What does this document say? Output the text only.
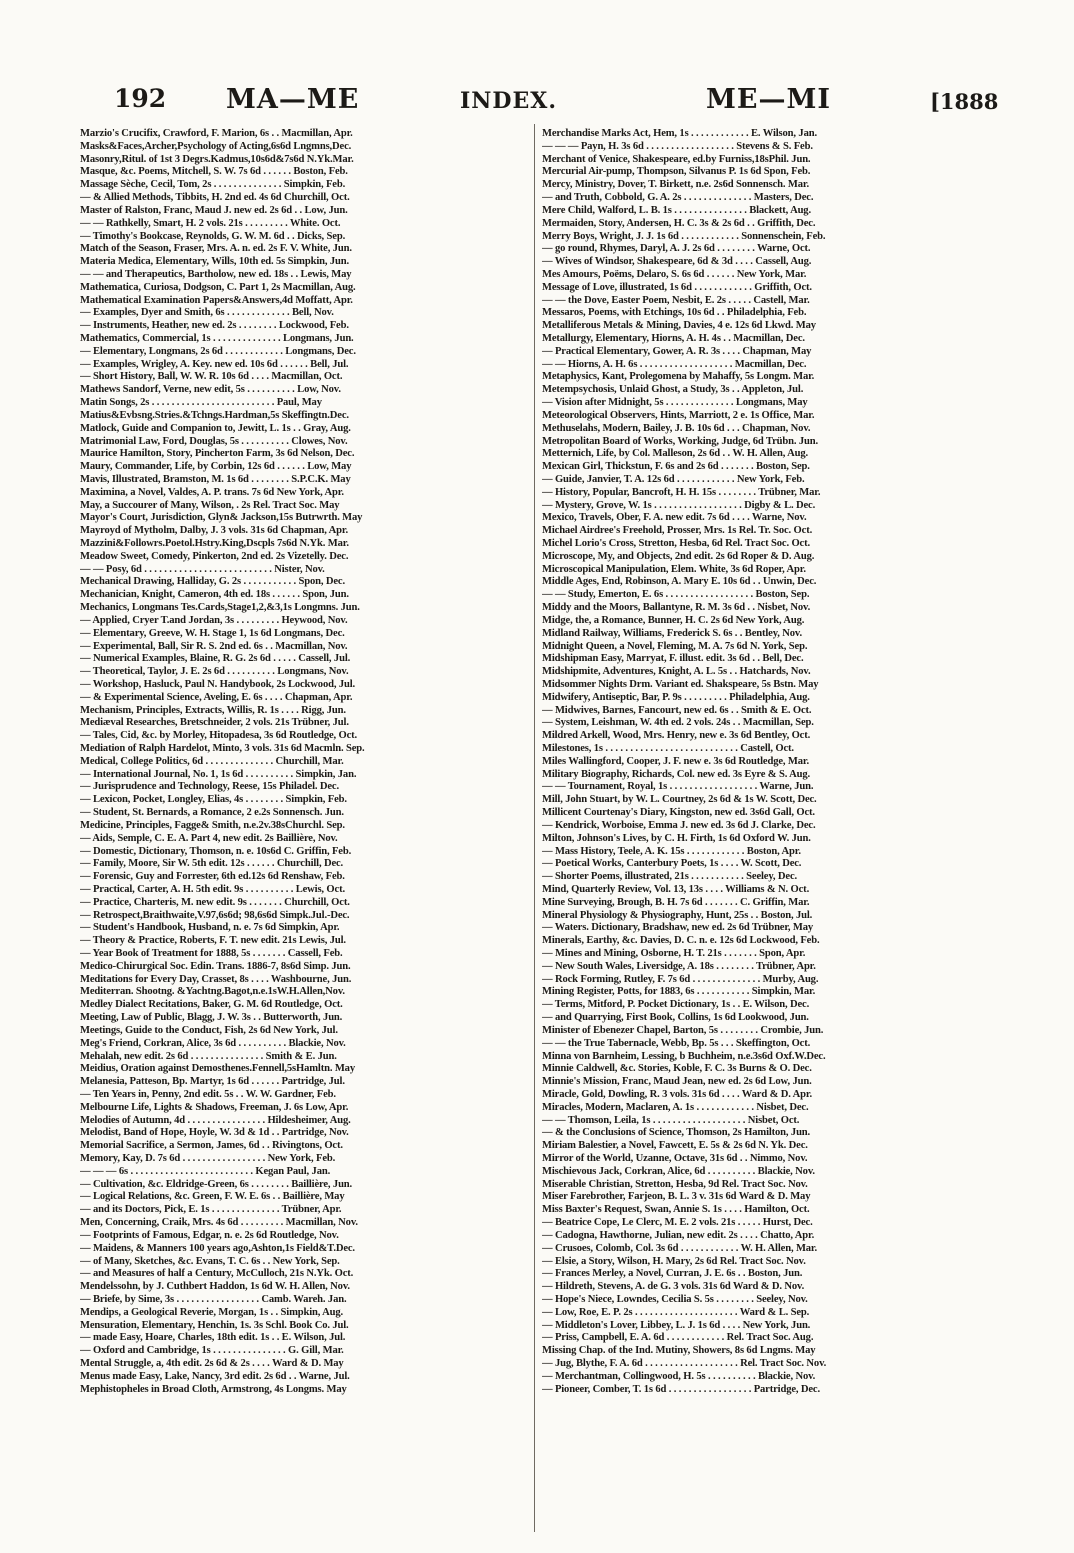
192 MA—ME	INDEX.	ME—MI	[1888
Marzio's Crucifix, Crawford, F. Marion, 6s . . Macmillan, Apr.
Masks&Faces,Archer,Psychology of Acting,6s6d Lngmns,Dec.
Masonry,Ritul. of 1st 3 Degrs.Kadmus,10s6d&7s6d N.Yk.Mar.
Masque, &c. Poems, Mitchell, S. W. 7s 6d . . . . . . Boston, Feb.
Massage Sèche, Cecil, Tom, 2s . . . . . . . . . . . . . . Simpkin, Feb.
— & Allied Methods, Tibbits, H. 2nd ed. 4s 6d Churchill, Oct.
Master of Ralston, Franc, Maud J. new ed. 2s 6d . . Low, Jun.
— — Rathkelly, Smart, H. 2 vols. 21s . . . . . . . . . White. Oct.
— Timothy's Bookcase, Reynolds, G. W. M. 6d . . Dicks, Sep.
Match of the Season, Fraser, Mrs. A. n. ed. 2s F. V. White, Jun.
Materia Medica, Elementary, Wills, 10th ed. 5s Simpkin, Jun.
— — and Therapeutics, Bartholow, new ed. 18s . . Lewis, May
Mathematica, Curiosa, Dodgson, C. Part 1, 2s Macmillan, Aug.
Mathematical Examination Papers&Answers,4d Moffatt, Apr.
— Examples, Dyer and Smith, 6s . . . . . . . . . . . . . Bell, Nov.
— Instruments, Heather, new ed. 2s . . . . . . . . Lockwood, Feb.
Mathematics, Commercial, 1s . . . . . . . . . . . . . . Longmans, Jun.
— Elementary, Longmans, 2s 6d . . . . . . . . . . . . Longmans, Dec.
— Examples, Wrigley, A. Key. new ed. 10s 6d . . . . . . Bell, Jul.
— Short History, Ball, W. W. R. 10s 6d . . . . Macmillan, Oct.
Mathews Sandorf, Verne, new edit, 5s . . . . . . . . . . Low, Nov.
Matin Songs, 2s . . . . . . . . . . . . . . . . . . . . . . . . . Paul, May
Matius&Evbsng.Stries.&Tchngs.Hardman,5s Skeffingtn.Dec.
Matlock, Guide and Companion to, Jewitt, L. 1s . . Gray, Aug.
Matrimonial Law, Ford, Douglas, 5s . . . . . . . . . . Clowes, Nov.
Maurice Hamilton, Story, Pincherton Farm, 3s 6d Nelson, Dec.
Maury, Commander, Life, by Corbin, 12s 6d . . . . . . Low, May
Mavis, Illustrated, Bramston, M. 1s 6d . . . . . . . . S.P.C.K. May
Maximina, a Novel, Valdes, A. P. trans. 7s 6d New York, Apr.
May, a Succourer of Many, Wilson, . 2s Rel. Tract Soc. May
Mayor's Court, Jurisdiction, Glyn& Jackson,15s Butrwrth. May
Mayroyd of Mytholm, Dalby, J. 3 vols. 31s 6d Chapman, Apr.
Mazzini&Followrs.Poetol.Hstry.King,Dscpls 7s6d N.Yk. Mar.
Meadow Sweet, Comedy, Pinkerton, 2nd ed. 2s Vizetelly. Dec.
— — Posy, 6d . . . . . . . . . . . . . . . . . . . . . . . . . . Nister, Nov.
Mechanical Drawing, Halliday, G. 2s . . . . . . . . . . . Spon, Dec.
Mechanician, Knight, Cameron, 4th ed. 18s . . . . . . Spon, Jun.
Mechanics, Longmans Tes.Cards,Stage1,2,&3,1s Longmns. Jun.
— Applied, Cryer T.and Jordan, 3s . . . . . . . . . Heywood, Nov.
— Elementary, Greeve, W. H. Stage 1, 1s 6d Longmans, Dec.
— Experimental, Ball, Sir R. S. 2nd ed. 6s . . Macmillan, Nov.
— Numerical Examples, Blaine, R. G. 2s 6d . . . . . Cassell, Jul.
— Theoretical, Taylor, J. E. 2s 6d . . . . . . . . . . Longmans, Nov.
— Workshop, Hasluck, Paul N. Handybook, 2s Lockwood, Jul.
— & Experimental Science, Aveling, E. 6s . . . . Chapman, Apr.
Mechanism, Principles, Extracts, Willis, R. 1s . . . . Rigg, Jun.
Mediæval Researches, Bretschneider, 2 vols. 21s Trübner, Jul.
— Tales, Cid, &c. by Morley, Hitopadesa, 3s 6d Routledge, Oct.
Mediation of Ralph Hardelot, Minto, 3 vols. 31s 6d Macmln. Sep.
Medical, College Politics, 6d . . . . . . . . . . . . . . Churchill, Mar.
— International Journal, No. 1, 1s 6d . . . . . . . . . . Simpkin, Jan.
— Jurisprudence and Technology, Reese, 15s Philadel. Dec.
— Lexicon, Pocket, Longley, Elias, 4s . . . . . . . . Simpkin, Feb.
— Student, St. Bernards, a Romance, 2 e.2s Sonnensch. Jun.
Medicine, Principles, Fagge& Smith, n.e.2v.38sChurchl. Sep.
— Aids, Semple, C. E. A. Part 4, new edit. 2s Baillière, Nov.
— Domestic, Dictionary, Thomson, n. e. 10s6d C. Griffin, Feb.
— Family, Moore, Sir W. 5th edit. 12s . . . . . . Churchill, Dec.
— Forensic, Guy and Forrester, 6th ed.12s 6d Renshaw, Feb.
— Practical, Carter, A. H. 5th edit. 9s . . . . . . . . . . Lewis, Oct.
— Practice, Charteris, M. new edit. 9s . . . . . . . Churchill, Oct.
— Retrospect,Braithwaite,V.97,6s6d; 98,6s6d Simpk.Jul.-Dec.
— Student's Handbook, Husband, n. e. 7s 6d Simpkin, Apr.
— Theory & Practice, Roberts, F. T. new edit. 21s Lewis, Jul.
— Year Book of Treatment for 1888, 5s . . . . . . . Cassell, Feb.
Medico-Chirurgical Soc. Edin. Trans. 1886-7, 8s6d Simp. Jun.
Meditations for Every Day, Crasset, 8s . . . . Washbourne, Jun.
Mediterran. Shootng. &Yachtng.Bagot,n.e.1sW.H.Allen,Nov.
Medley Dialect Recitations, Baker, G. M. 6d Routledge, Oct.
Meeting, Law of Public, Blagg, J. W. 3s . . Butterworth, Jun.
Meetings, Guide to the Conduct, Fish, 2s 6d New York, Jul.
Meg's Friend, Corkran, Alice, 3s 6d . . . . . . . . . . Blackie, Nov.
Mehalah, new edit. 2s 6d . . . . . . . . . . . . . . . Smith & E. Jun.
Meidius, Oration against Demosthenes.Fennell,5sHamltn. May
Melanesia, Patteson, Bp. Martyr, 1s 6d . . . . . . Partridge, Jul.
— Ten Years in, Penny, 2nd edit. 5s . . W. W. Gardner, Feb.
Melbourne Life, Lights & Shadows, Freeman, J. 6s Low, Apr.
Melodies of Autumn, 4d . . . . . . . . . . . . . . . . Hildesheimer, Aug.
Melodist, Band of Hope, Hoyle, W. 3d & 1d . . Partridge, Nov.
Memorial Sacrifice, a Sermon, James, 6d . . Rivingtons, Oct.
Memory, Kay, D. 7s 6d . . . . . . . . . . . . . . . . . New York, Feb.
— — — 6s . . . . . . . . . . . . . . . . . . . . . . . . . Kegan Paul, Jan.
— Cultivation, &c. Eldridge-Green, 6s . . . . . . . . Baillière, Jun.
— Logical Relations, &c. Green, F. W. E. 6s . . Baillière, May
— and its Doctors, Pick, E. 1s . . . . . . . . . . . . . . Trübner, Apr.
Men, Concerning, Craik, Mrs. 4s 6d . . . . . . . . . Macmillan, Nov.
— Footprints of Famous, Edgar, n. e. 2s 6d Routledge, Nov.
— Maidens, & Manners 100 years ago,Ashton,1s Field&T.Dec.
— of Many, Sketches, &c. Evans, T. C. 6s . . New York, Sep.
— and Measures of half a Century, McCulloch, 21s N.Yk. Oct.
Mendelssohn, by J. Cuthbert Haddon, 1s 6d W. H. Allen, Nov.
— Briefe, by Sime, 3s . . . . . . . . . . . . . . . . . Camb. Wareh. Jan.
Mendips, a Geological Reverie, Morgan, 1s . . Simpkin, Aug.
Mensuration, Elementary, Henchin, 1s. 3s Schl. Book Co. Jul.
— made Easy, Hoare, Charles, 18th edit. 1s . . E. Wilson, Jul.
— Oxford and Cambridge, 1s . . . . . . . . . . . . . . . G. Gill, Mar.
Mental Struggle, a, 4th edit. 2s 6d & 2s . . . . Ward & D. May
Menus made Easy, Lake, Nancy, 3rd edit. 2s 6d . . Warne, Jul.
Mephistopheles in Broad Cloth, Armstrong, 4s Longms. May
Merchandise Marks Act, Hem, 1s . . . . . . . . . . . . E. Wilson, Jan.
— — — Payn, H. 3s 6d . . . . . . . . . . . . . . . . . . Stevens & S. Feb.
Merchant of Venice, Shakespeare, ed.by Furniss,18sPhil. Jun.
Mercurial Air-pump, Thompson, Silvanus P. 1s 6d Spon, Feb.
Mercy, Ministry, Dover, T. Birkett, n.e. 2s6d Sonnensch. Mar.
— and Truth, Cobbold, G. A. 2s . . . . . . . . . . . . . . Masters, Dec.
Mere Child, Walford, L. B. 1s . . . . . . . . . . . . . . . Blackett, Aug.
Mermaiden, Story, Andersen, H. C. 3s & 2s 6d . . Griffith, Dec.
Merry Boys, Wright, J. J. 1s 6d . . . . . . . . . . . . Sonnenschein, Feb.
— go round, Rhymes, Daryl, A. J. 2s 6d . . . . . . . . Warne, Oct.
— Wives of Windsor, Shakespeare, 6d & 3d . . . . Cassell, Aug.
Mes Amours, Poëms, Delaro, S. 6s 6d . . . . . . New York, Mar.
Message of Love, illustrated, 1s 6d . . . . . . . . . . . . Griffith, Oct.
— — the Dove, Easter Poem, Nesbit, E. 2s . . . . . Castell, Mar.
Messaros, Poems, with Etchings, 10s 6d . . Philadelphia, Feb.
Metalliferous Metals & Mining, Davies, 4 e. 12s 6d Lkwd. May
Metallurgy, Elementary, Hiorns, A. H. 4s . . Macmillan, Dec.
— Practical Elementary, Gower, A. R. 3s . . . . Chapman, May
— — Hiorns, A. H. 6s . . . . . . . . . . . . . . . . . . . Macmillan, Dec.
Metaphysics, Kant, Prolegomena by Mahaffy, 5s Longm. Mar.
Metempsychosis, Unlaid Ghost, a Study, 3s . . Appleton, Jul.
— Vision after Midnight, 5s . . . . . . . . . . . . . . Longmans, May
Meteorological Observers, Hints, Marriott, 2 e. 1s Office, Mar.
Methuselahs, Modern, Bailey, J. B. 10s 6d . . . Chapman, Nov.
Metropolitan Board of Works, Working, Judge, 6d Trübn. Jun.
Metternich, Life, by Col. Malleson, 2s 6d . . W. H. Allen, Aug.
Mexican Girl, Thickstun, F. 6s and 2s 6d . . . . . . . Boston, Sep.
— Guide, Janvier, T. A. 12s 6d . . . . . . . . . . . . New York, Feb.
— History, Popular, Bancroft, H. H. 15s . . . . . . . . Trübner, Mar.
— Mystery, Grove, W. 1s . . . . . . . . . . . . . . . . . . Digby & L. Dec.
Mexico, Travels, Ober, F. A. new edit. 7s 6d . . . . Warne, Nov.
Michael Airdree's Freehold, Prosser, Mrs. 1s Rel. Tr. Soc. Oct.
Michel Lorio's Cross, Stretton, Hesba, 6d Rel. Tract Soc. Oct.
Microscope, My, and Objects, 2nd edit. 2s 6d Roper & D. Aug.
Microscopical Manipulation, Elem. White, 3s 6d Roper, Apr.
Middle Ages, End, Robinson, A. Mary E. 10s 6d . . Unwin, Dec.
— — Study, Emerton, E. 6s . . . . . . . . . . . . . . . . . . Boston, Sep.
Middy and the Moors, Ballantyne, R. M. 3s 6d . . Nisbet, Nov.
Midge, the, a Romance, Bunner, H. C. 2s 6d New York, Aug.
Midland Railway, Williams, Frederick S. 6s . . Bentley, Nov.
Midnight Queen, a Novel, Fleming, M. A. 7s 6d N. York, Sep.
Midshipman Easy, Marryat, F. illust. edit. 3s 6d . . Bell, Dec.
Midshipmite, Adventures, Knight, A. L. 5s . . Hatchards, Nov.
Midsommer Nights Drm. Variant ed. Shakspeare, 5s Bstn. May
Midwifery, Antiseptic, Bar, P. 9s . . . . . . . . . Philadelphia, Aug.
— Midwives, Barnes, Fancourt, new ed. 6s . . Smith & E. Oct.
— System, Leishman, W. 4th ed. 2 vols. 24s . . Macmillan, Sep.
Mildred Arkell, Wood, Mrs. Henry, new e. 3s 6d Bentley, Oct.
Milestones, 1s . . . . . . . . . . . . . . . . . . . . . . . . . . . Castell, Oct.
Miles Wallingford, Cooper, J. F. new e. 3s 6d Routledge, Mar.
Military Biography, Richards, Col. new ed. 3s Eyre & S. Aug.
— — Tournament, Royal, 1s . . . . . . . . . . . . . . . . . . Warne, Jun.
Mill, John Stuart, by W. L. Courtney, 2s 6d & 1s W. Scott, Dec.
Millicent Courtenay's Diary, Kingston, new ed. 3s6d Gall, Oct.
— Kendrick, Worboise, Emma J. new ed. 3s 6d J. Clarke, Dec.
Milton, Johnson's Lives, by C. H. Firth, 1s 6d Oxford W. Jun.
— Mass History, Teele, A. K. 15s . . . . . . . . . . . . Boston, Apr.
— Poetical Works, Canterbury Poets, 1s . . . . W. Scott, Dec.
— Shorter Poems, illustrated, 21s . . . . . . . . . . . Seeley, Dec.
Mind, Quarterly Review, Vol. 13, 13s . . . . Williams & N. Oct.
Mine Surveying, Brough, B. H. 7s 6d . . . . . . . C. Griffin, Mar.
Mineral Physiology & Physiography, Hunt, 25s . . Boston, Jul.
— Waters. Dictionary, Bradshaw, new ed. 2s 6d Trübner, May
Minerals, Earthy, &c. Davies, D. C. n. e. 12s 6d Lockwood, Feb.
— Mines and Mining, Osborne, H. T. 21s . . . . . . . Spon, Apr.
— New South Wales, Liversidge, A. 18s . . . . . . . . Trübner, Apr.
— Rock Forming, Rutley, F. 7s 6d . . . . . . . . . . . . . . Murby, Aug.
Mining Register, Potts, for 1883, 6s . . . . . . . . . . . Simpkin, Mar.
— Terms, Mitford, P. Pocket Dictionary, 1s . . E. Wilson, Dec.
— and Quarrying, First Book, Collins, 1s 6d Lookwood, Jun.
Minister of Ebenezer Chapel, Barton, 5s . . . . . . . . Crombie, Jun.
— — the True Tabernacle, Webb, Bp. 5s . . . Skeffington, Oct.
Minna von Barnheim, Lessing, b Buchheim, n.e.3s6d Oxf.W.Dec.
Minnie Caldwell, &c. Stories, Koble, F. C. 3s Burns & O. Dec.
Minnie's Mission, Franc, Maud Jean, new ed. 2s 6d Low, Jun.
Miracle, Gold, Dowling, R. 3 vols. 31s 6d . . . . Ward & D. Apr.
Miracles, Modern, Maclaren, A. 1s . . . . . . . . . . . . Nisbet, Dec.
— — Thomson, Leila, 1s . . . . . . . . . . . . . . . . . . . Nisbet, Oct.
— & the Conclusions of Science, Thomson, 2s Hamilton, Jun.
Miriam Balestier, a Novel, Fawcett, E. 5s & 2s 6d N. Yk. Dec.
Mirror of the World, Uzanne, Octave, 31s 6d . . Nimmo, Nov.
Mischievous Jack, Corkran, Alice, 6d . . . . . . . . . . Blackie, Nov.
Miserable Christian, Stretton, Hesba, 9d Rel. Tract Soc. Nov.
Miser Farebrother, Farjeon, B. L. 3 v. 31s 6d Ward & D. May
Miss Baxter's Request, Swan, Annie S. 1s . . . . Hamilton, Oct.
— Beatrice Cope, Le Clerc, M. E. 2 vols. 21s . . . . . Hurst, Dec.
— Cadogna, Hawthorne, Julian, new edit. 2s . . . . Chatto, Apr.
— Crusoes, Colomb, Col. 3s 6d . . . . . . . . . . . . W. H. Allen, Mar.
— Elsie, a Story, Wilson, H. Mary, 2s 6d Rel. Tract Soc. Nov.
— Frances Merley, a Novel, Curran, J. E. 6s . . Boston, Jun.
— Hildreth, Stevens, A. de G. 3 vols. 31s 6d Ward & D. Nov.
— Hope's Niece, Lowndes, Cecilia S. 5s . . . . . . . . Seeley, Nov.
— Low, Roe, E. P. 2s . . . . . . . . . . . . . . . . . . . . . Ward & L. Sep.
— Middleton's Lover, Libbey, L. J. 1s 6d . . . . New York, Jun.
— Priss, Campbell, E. A. 6d . . . . . . . . . . . . Rel. Tract Soc. Aug.
Missing Chap. of the Ind. Mutiny, Showers, 8s 6d Lngms. May
— Jug, Blythe, F. A. 6d . . . . . . . . . . . . . . . . . . . Rel. Tract Soc. Nov.
— Merchantman, Collingwood, H. 5s . . . . . . . . . . Blackie, Nov.
— Pioneer, Comber, T. 1s 6d . . . . . . . . . . . . . . . . . Partridge, Dec.
